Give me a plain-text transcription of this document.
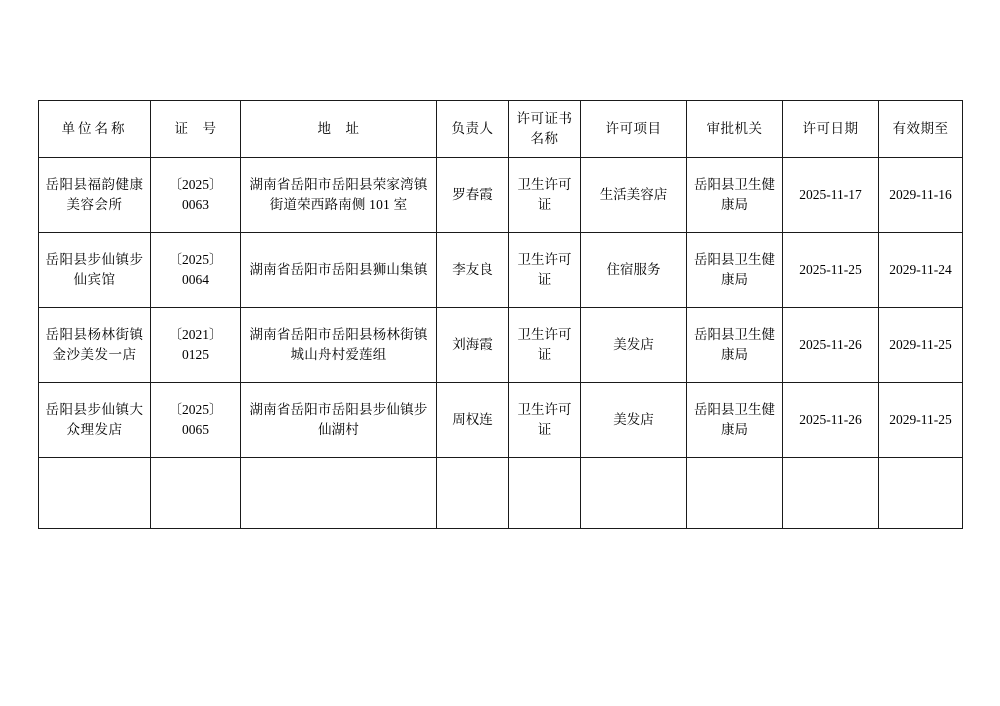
单位名称	证　号	地　址	负责人	许可证书名称	许可项目	审批机关	许可日期	有效期至
岳阳县福韵健康美容会所	〔2025〕0063	湖南省岳阳市岳阳县荣家湾镇街道荣西路南侧 101 室	罗春霞	卫生许可证	生活美容店	岳阳县卫生健康局	2025-11-17	2029-11-16
岳阳县步仙镇步仙宾馆	〔2025〕0064	湖南省岳阳市岳阳县狮山集镇	李友良	卫生许可证	住宿服务	岳阳县卫生健康局	2025-11-25	2029-11-24
岳阳县杨林街镇金沙美发一店	〔2021〕0125	湖南省岳阳市岳阳县杨林街镇城山舟村爱莲组	刘海霞	卫生许可证	美发店	岳阳县卫生健康局	2025-11-26	2029-11-25
岳阳县步仙镇大众理发店	〔2025〕0065	湖南省岳阳市岳阳县步仙镇步仙湖村	周权连	卫生许可证	美发店	岳阳县卫生健康局	2025-11-26	2029-11-25
